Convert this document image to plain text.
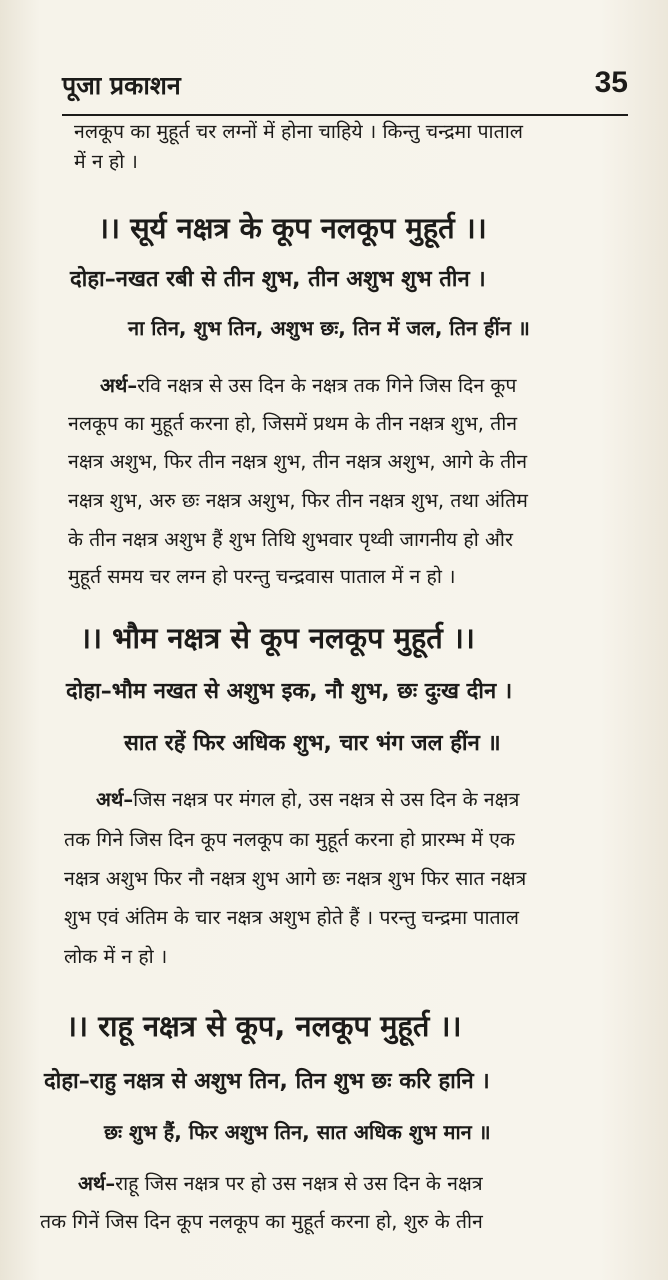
पूजा प्रकाशन	35
नलकूप का मुहूर्त चर लग्नों में होना चाहिये । किन्तु चन्द्रमा पाताल
में न हो ।
।। सूर्य नक्षत्र के कूप नलकूप मुहूर्त ।।
दोहा–नखत रबी से तीन शुभ, तीन अशुभ शुभ तीन ।
ना तिन, शुभ तिन, अशुभ छः, तिन में जल, तिन हींन ॥
अर्थ–रवि नक्षत्र से उस दिन के नक्षत्र तक गिने जिस दिन कूप
नलकूप का मुहूर्त करना हो, जिसमें प्रथम के तीन नक्षत्र शुभ, तीन
नक्षत्र अशुभ, फिर तीन नक्षत्र शुभ, तीन नक्षत्र अशुभ, आगे के तीन
नक्षत्र शुभ, अरु छः नक्षत्र अशुभ, फिर तीन नक्षत्र शुभ, तथा अंतिम
के तीन नक्षत्र अशुभ हैं शुभ तिथि शुभवार पृथ्वी जागनीय हो और
मुहूर्त समय चर लग्न हो परन्तु चन्द्रवास पाताल में न हो ।
।। भौम नक्षत्र से कूप नलकूप मुहूर्त ।।
दोहा–भौम नखत से अशुभ इक, नौ शुभ, छः दुःख दीन ।
सात रहें फिर अधिक शुभ, चार भंग जल हींन ॥
अर्थ–जिस नक्षत्र पर मंगल हो, उस नक्षत्र से उस दिन के नक्षत्र
तक गिने जिस दिन कूप नलकूप का मुहूर्त करना हो प्रारम्भ में एक
नक्षत्र अशुभ फिर नौ नक्षत्र शुभ आगे छः नक्षत्र शुभ फिर सात नक्षत्र
शुभ एवं अंतिम के चार नक्षत्र अशुभ होते हैं । परन्तु चन्द्रमा पाताल
लोक में न हो ।
।। राहू नक्षत्र से कूप, नलकूप मुहूर्त ।।
दोहा–राहु नक्षत्र से अशुभ तिन, तिन शुभ छः करि हानि ।
छः शुभ हैं, फिर अशुभ तिन, सात अधिक शुभ मान ॥
अर्थ–राहू जिस नक्षत्र पर हो उस नक्षत्र से उस दिन के नक्षत्र
तक गिनें जिस दिन कूप नलकूप का मुहूर्त करना हो, शुरु के तीन
